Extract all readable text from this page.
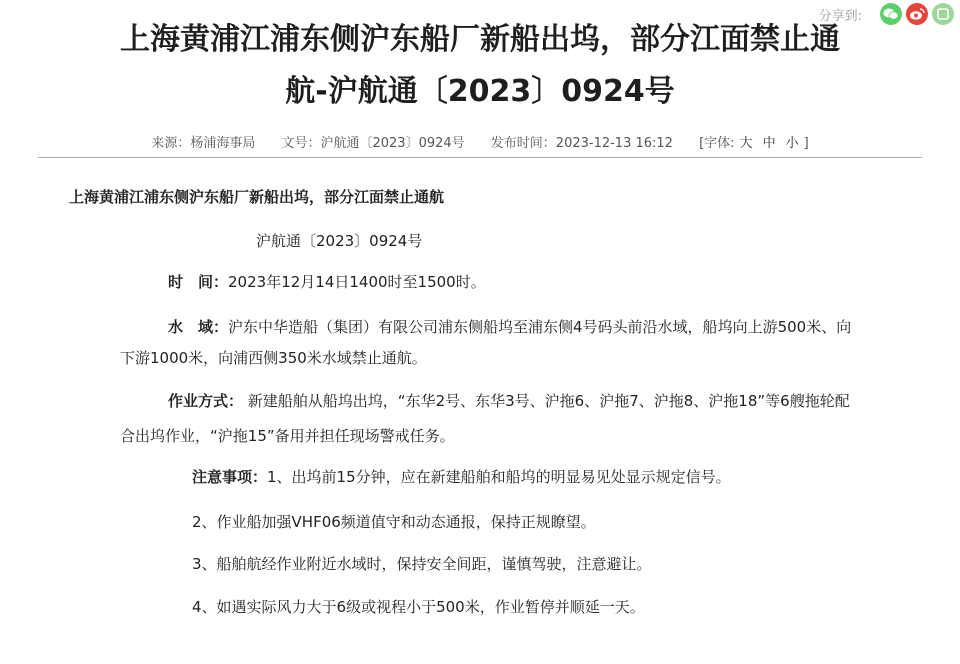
分享到:
上海黄浦江浦东侧沪东船厂新船出坞，部分江面禁止通
航-沪航通〔2023〕0924号
来源：杨浦海事局 文号：沪航通〔2023〕0924号 发布时间：2023-12-13 16:12 [字体: 大 中 小 ]
上海黄浦江浦东侧沪东船厂新船出坞，部分江面禁止通航
沪航通〔2023〕0924号
时　间：2023年12月14日1400时至1500时。
水　域：沪东中华造船（集团）有限公司浦东侧船坞至浦东侧4号码头前沿水域，船坞向上游500米、向
下游1000米，向浦西侧350米水域禁止通航。
作业方式： 新建船舶从船坞出坞，“东华2号、东华3号、沪拖6、沪拖7、沪拖8、沪拖18”等6艘拖轮配
合出坞作业，“沪拖15”备用并担任现场警戒任务。
注意事项：1、出坞前15分钟，应在新建船舶和船坞的明显易见处显示规定信号。
2、作业船加强VHF06频道值守和动态通报，保持正规瞭望。
3、船舶航经作业附近水域时，保持安全间距，谨慎驾驶，注意避让。
4、如遇实际风力大于6级或视程小于500米，作业暂停并顺延一天。
